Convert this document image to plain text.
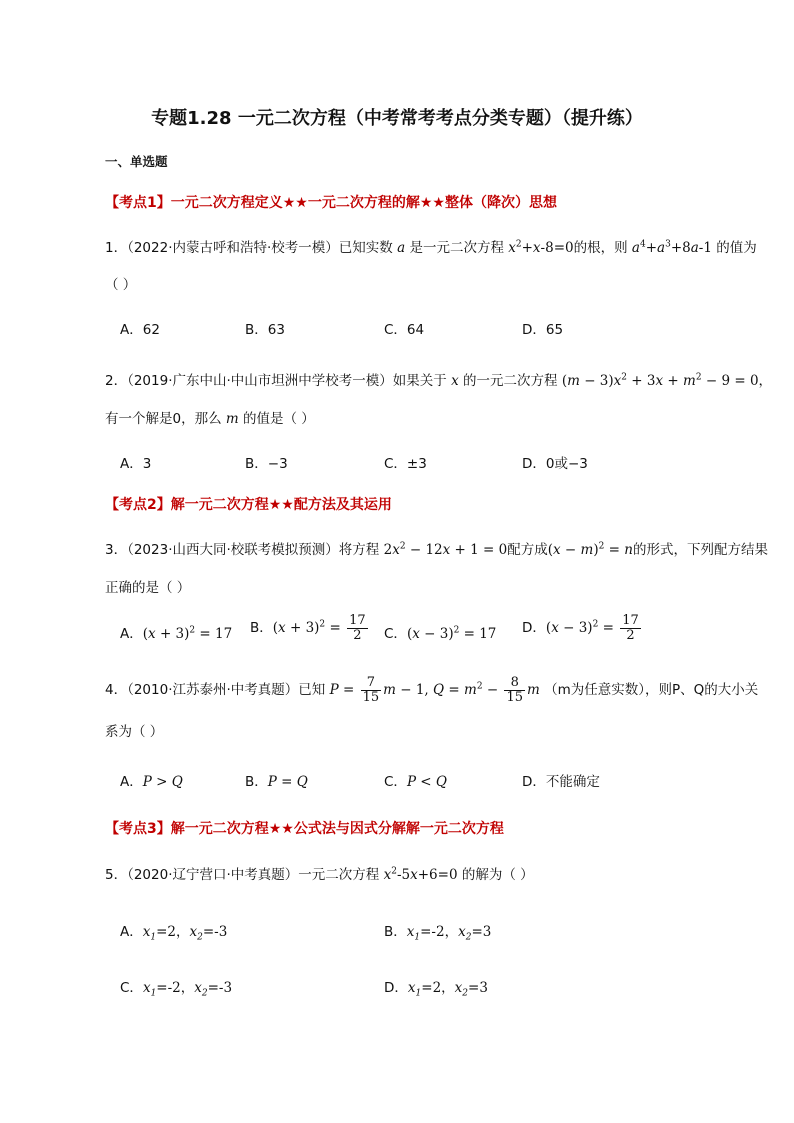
专题1.28 一元二次方程（中考常考考点分类专题）（提升练）
一、单选题
【考点1】一元二次方程定义★★一元二次方程的解★★整体（降次）思想
1．（2022·内蒙古呼和浩特·校考一模）已知实数 a 是一元二次方程 $x^2+x-8=0$的根，则 $a^4+a^3+8a-1$ 的值为
（ ）
A．62	B．63	C．64	D．65
2．（2019·广东中山·中山市坦洲中学校考一模）如果关于 x 的一元二次方程 $(m - 3)x^2 + 3x + m^2 - 9 = 0$，
有一个解是0，那么 m 的值是（ ）
A．3	B．−3	C．±3	D．0或−3
【考点2】解一元二次方程★★配方法及其运用
3．（2023·山西大同·校联考模拟预测）将方程 $2x^2 - 12x + 1 = 0$配方成$(x - m)^2 = n$的形式，下列配方结果
正确的是（ ）
A．$(x + 3)^2 = 17$ B．$(x + 3)^2 = \frac{17}{2}$ C．$(x - 3)^2 = 17$ D．$(x - 3)^2 = \frac{17}{2}$
4．（2010·江苏泰州·中考真题）已知 $P = \frac{7}{15}$ m − 1, $Q = m^2 - \frac{8}{15}$ m （m为任意实数），则P、Q的大小关
系为（ ）
A．P > Q	B．P = Q	C．P < Q	D．不能确定
【考点3】解一元二次方程★★公式法与因式分解解一元二次方程
5．（2020·辽宁营口·中考真题）一元二次方程 $x^2-5x+6=0$ 的解为（ ）
A．$x_1=2$，$x_2=-3$	B．$x_1=-2$，$x_2=3$
C．$x_1=-2$，$x_2=-3$	D．$x_1=2$，$x_2=3$
